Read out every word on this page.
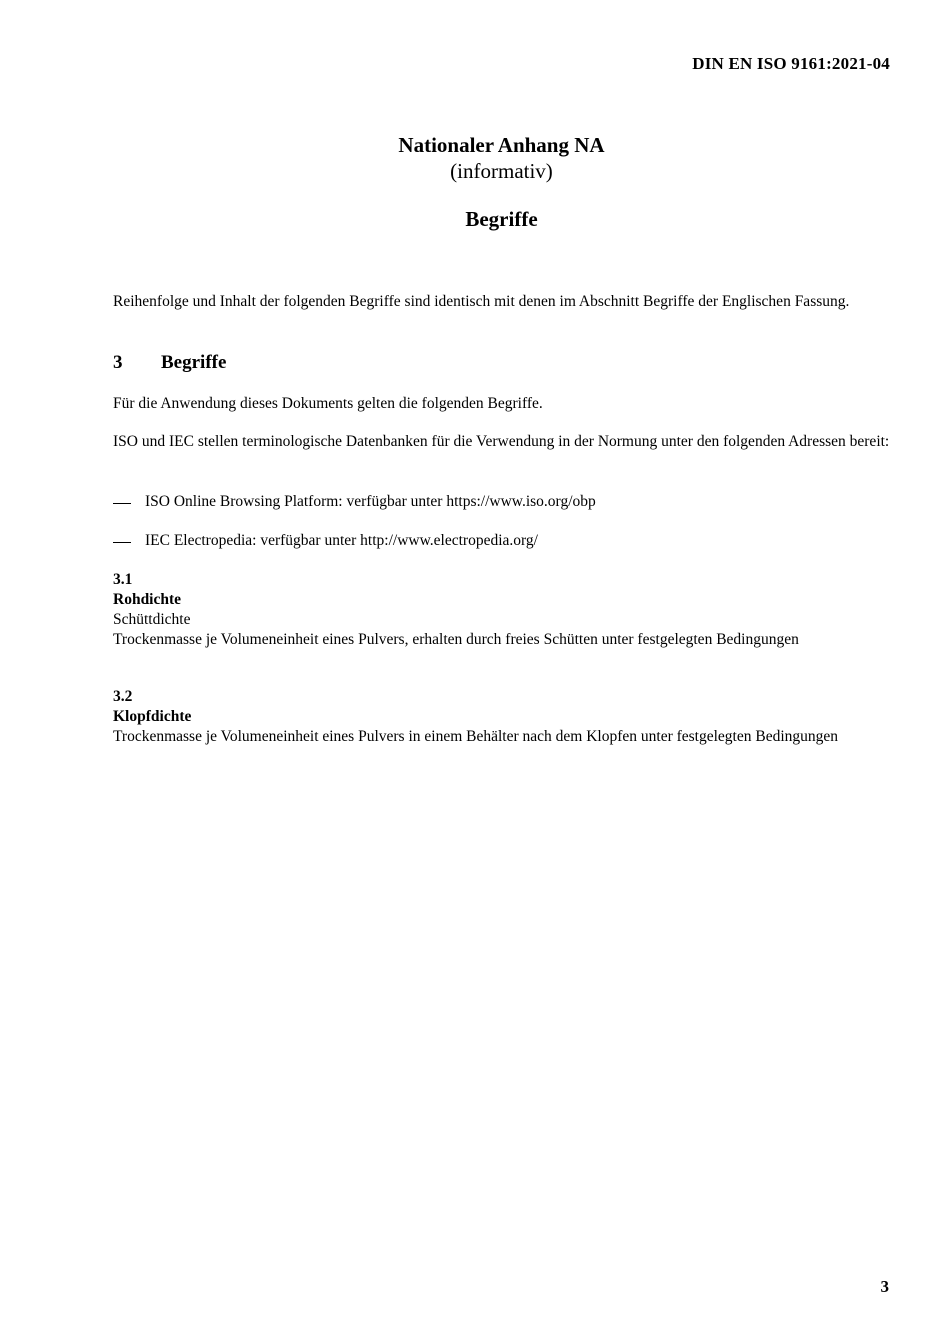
DIN EN ISO 9161:2021-04
Nationaler Anhang NA
(informativ)
Begriffe
Reihenfolge und Inhalt der folgenden Begriffe sind identisch mit denen im Abschnitt Begriffe der Englischen Fassung.
3 Begriffe
Für die Anwendung dieses Dokuments gelten die folgenden Begriffe.
ISO und IEC stellen terminologische Datenbanken für die Verwendung in der Normung unter den folgenden Adressen bereit:
ISO Online Browsing Platform: verfügbar unter https://www.iso.org/obp
IEC Electropedia: verfügbar unter http://www.electropedia.org/
3.1
Rohdichte
Schüttdichte
Trockenmasse je Volumeneinheit eines Pulvers, erhalten durch freies Schütten unter festgelegten Bedingungen
3.2
Klopfdichte
Trockenmasse je Volumeneinheit eines Pulvers in einem Behälter nach dem Klopfen unter festgelegten Bedingungen
3
